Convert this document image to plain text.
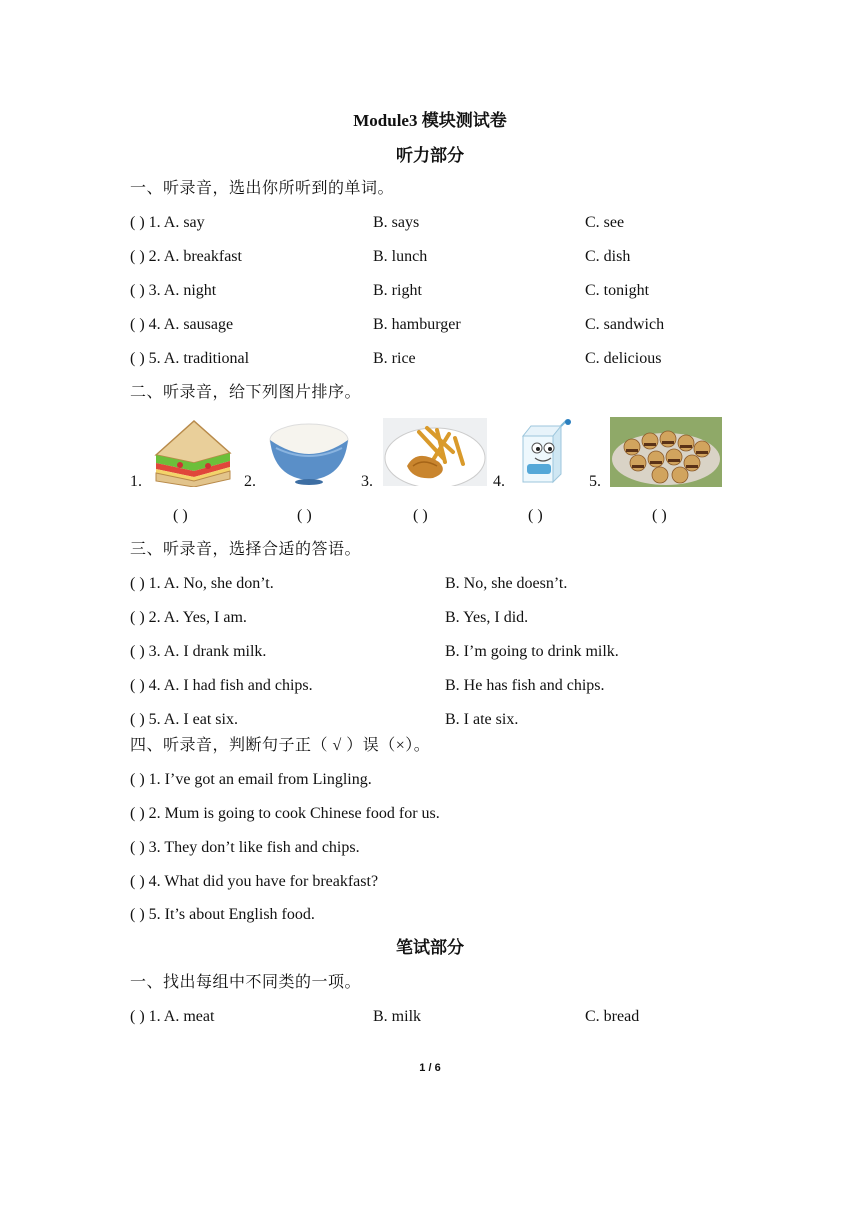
Module3 模块测试卷
听力部分
一、听录音，选出你所听到的单词。
( ) 1. A. say	B. says	C. see
( ) 2. A. breakfast	B. lunch	C. dish
( ) 3. A. night	B. right	C. tonight
( ) 4. A. sausage	B. hamburger	C. sandwich
( ) 5. A. traditional	B. rice	C. delicious
二、听录音，给下列图片排序。
1.	2.	3.	4.	5.
( )	( )	( )	( )	( )
三、听录音，选择合适的答语。
( ) 1. A. No, she don’t.	B. No, she doesn’t.
( ) 2. A. Yes, I am.	B. Yes, I did.
( ) 3. A. I drank milk.	B. I’m going to drink milk.
( ) 4. A. I had fish and chips.	B. He has fish and chips.
( ) 5. A. I eat six.	B. I ate six.
四、听录音，判断句子正（ √ ）误（×）。
( ) 1. I’ve got an email from Lingling.
( ) 2. Mum is going to cook Chinese food for us.
( ) 3. They don’t like fish and chips.
( ) 4. What did you have for breakfast?
( ) 5. It’s about English food.
笔试部分
一、找出每组中不同类的一项。
( ) 1. A. meat	B. milk	C. bread
1 / 6
